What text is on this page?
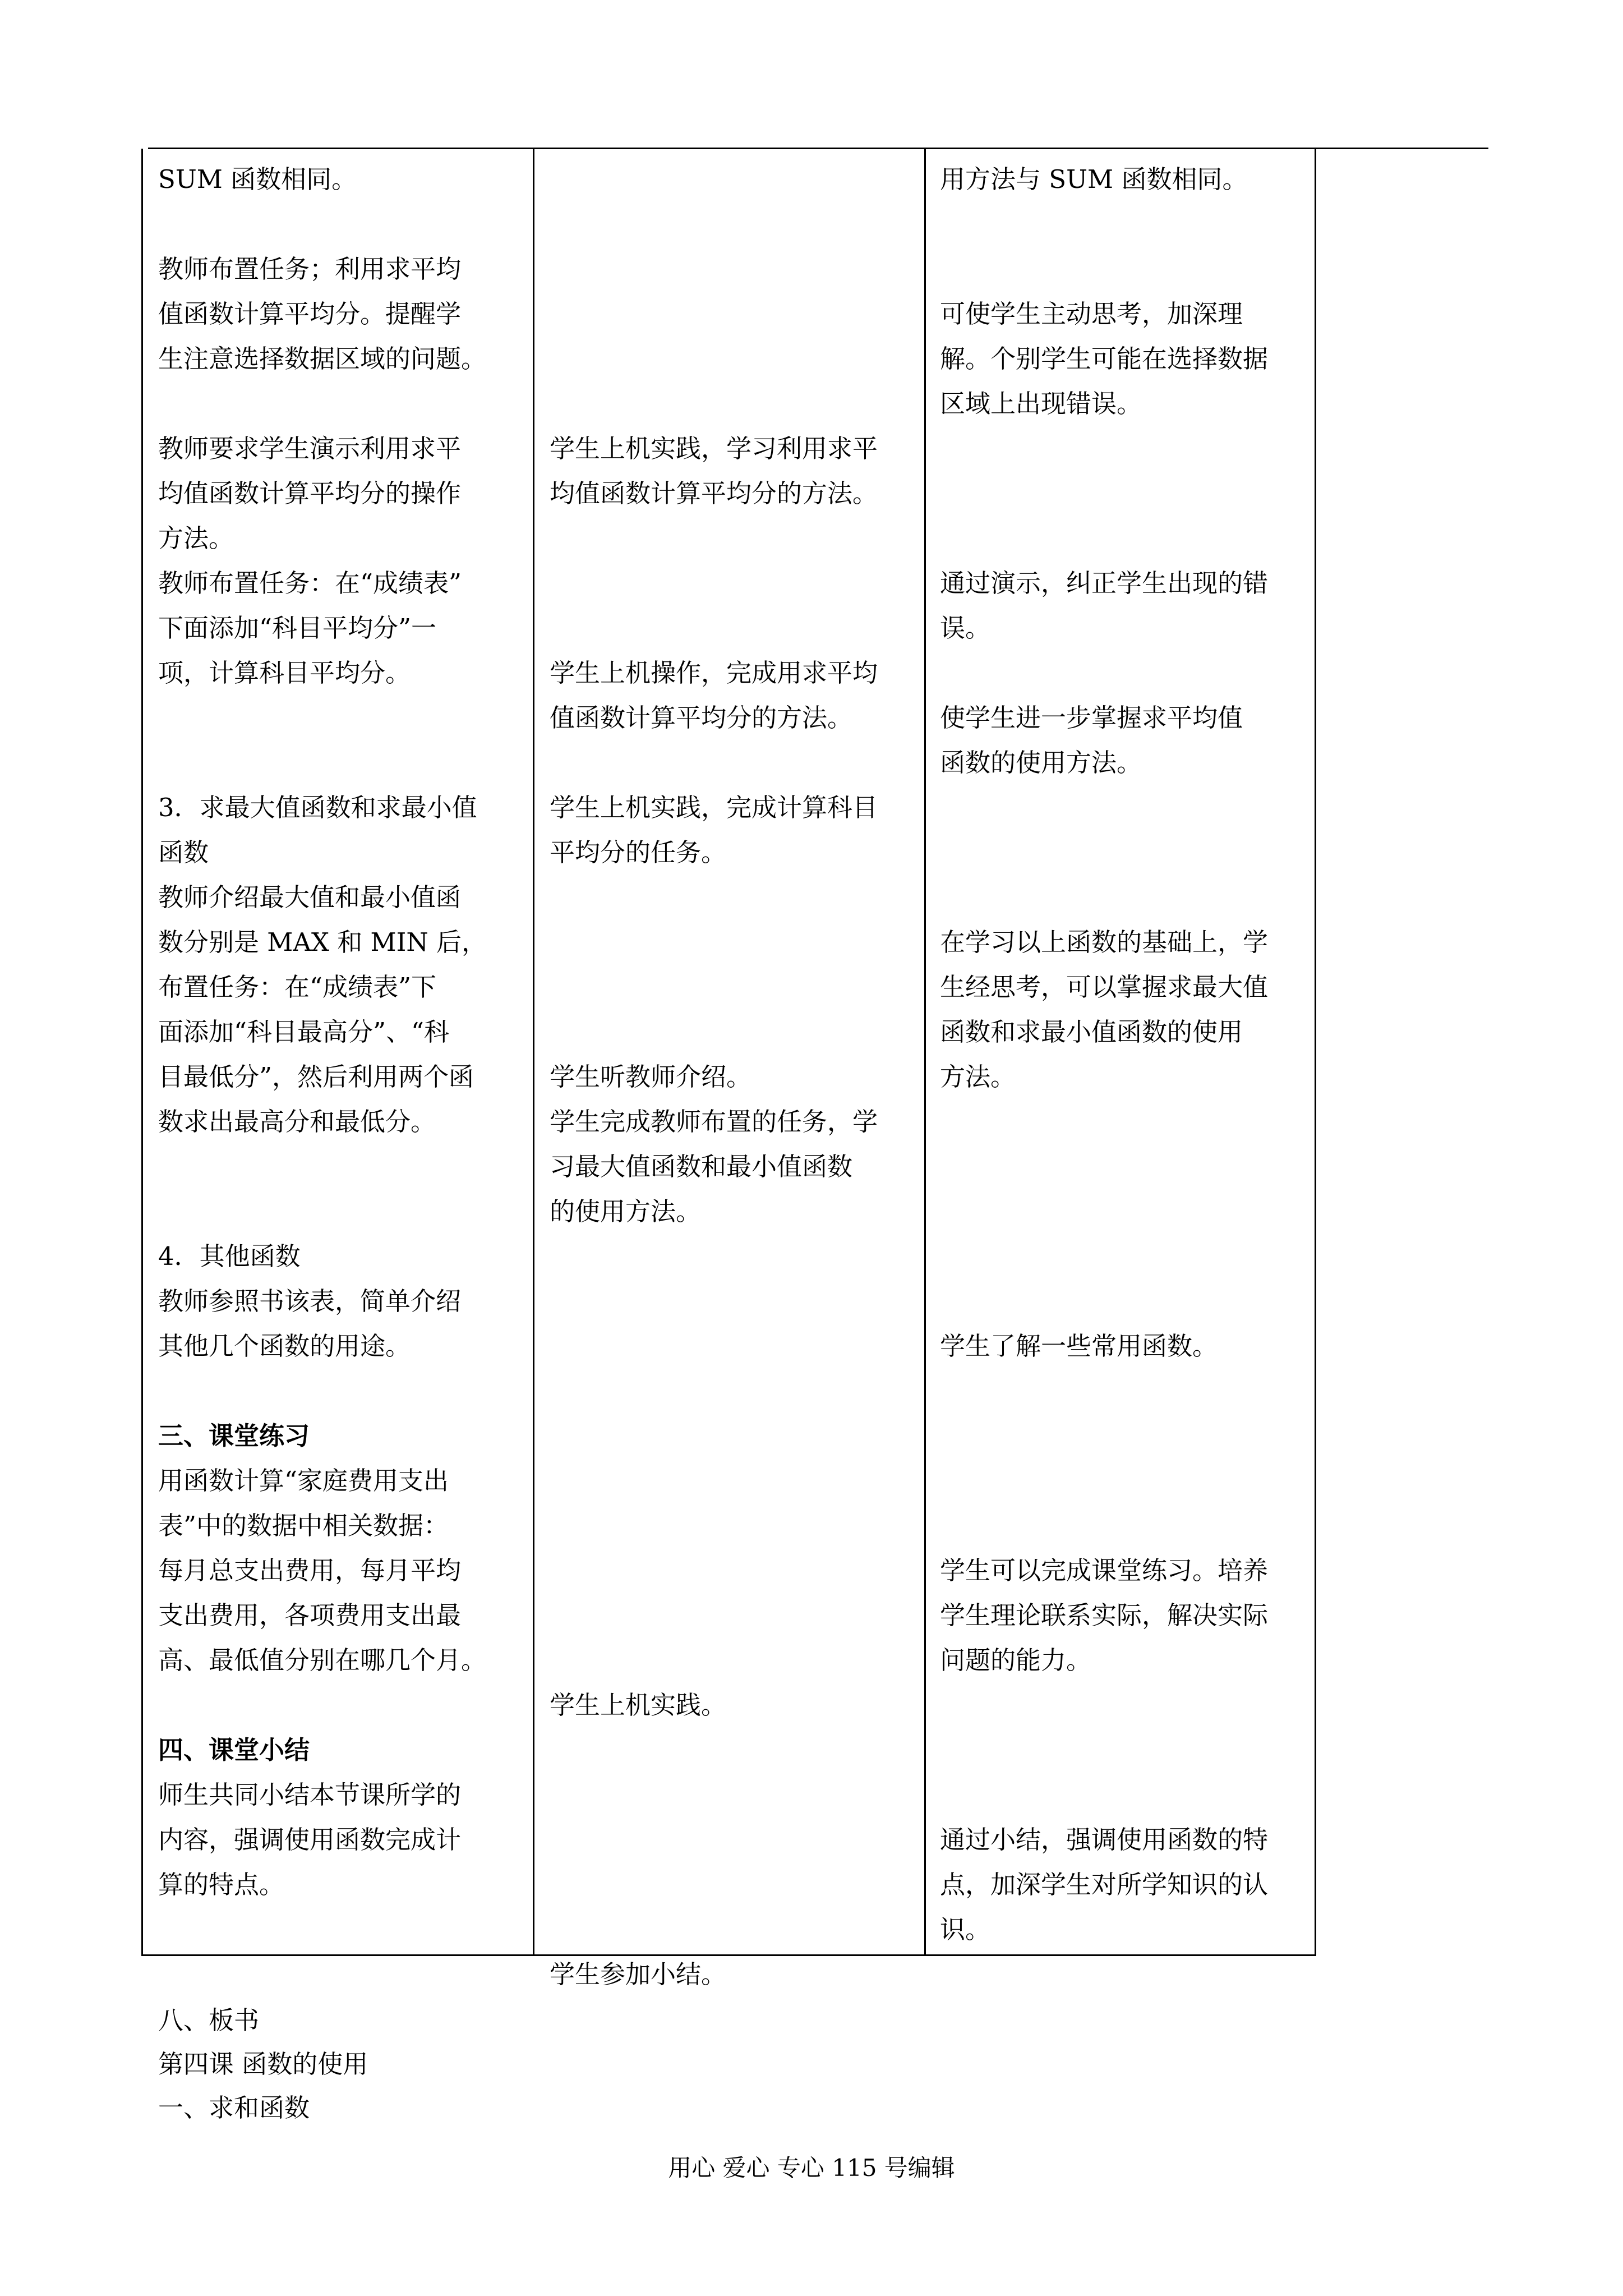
SUM 函数相同。
教师布置任务；利用求平均
值函数计算平均分。提醒学
生注意选择数据区域的问题。
教师要求学生演示利用求平
均值函数计算平均分的操作
方法。
教师布置任务：在“成绩表”
下面添加“科目平均分”一
项，计算科目平均分。
3．求最大值函数和求最小值
函数
教师介绍最大值和最小值函
数分别是 MAX 和 MIN 后，
布置任务：在“成绩表”下
面添加“科目最高分”、“科
目最低分”，然后利用两个函
数求出最高分和最低分。
4．其他函数
教师参照书该表，简单介绍
其他几个函数的用途。
三、课堂练习
用函数计算“家庭费用支出
表”中的数据中相关数据：
每月总支出费用，每月平均
支出费用，各项费用支出最
高、最低值分别在哪几个月。
四、课堂小结
师生共同小结本节课所学的
内容，强调使用函数完成计
算的特点。
学生上机实践，学习利用求平
均值函数计算平均分的方法。
学生上机操作，完成用求平均
值函数计算平均分的方法。
学生上机实践，完成计算科目
平均分的任务。
学生听教师介绍。
学生完成教师布置的任务，学
习最大值函数和最小值函数
的使用方法。
学生上机实践。
学生参加小结。
用方法与 SUM 函数相同。
可使学生主动思考，加深理
解。个别学生可能在选择数据
区域上出现错误。
通过演示，纠正学生出现的错
误。
使学生进一步掌握求平均值
函数的使用方法。
在学习以上函数的基础上，学
生经思考，可以掌握求最大值
函数和求最小值函数的使用
方法。
学生了解一些常用函数。
学生可以完成课堂练习。培养
学生理论联系实际，解决实际
问题的能力。
通过小结，强调使用函数的特
点，加深学生对所学知识的认
识。
八、板书
第四课 函数的使用
一、求和函数
用心 爱心 专心 115 号编辑
